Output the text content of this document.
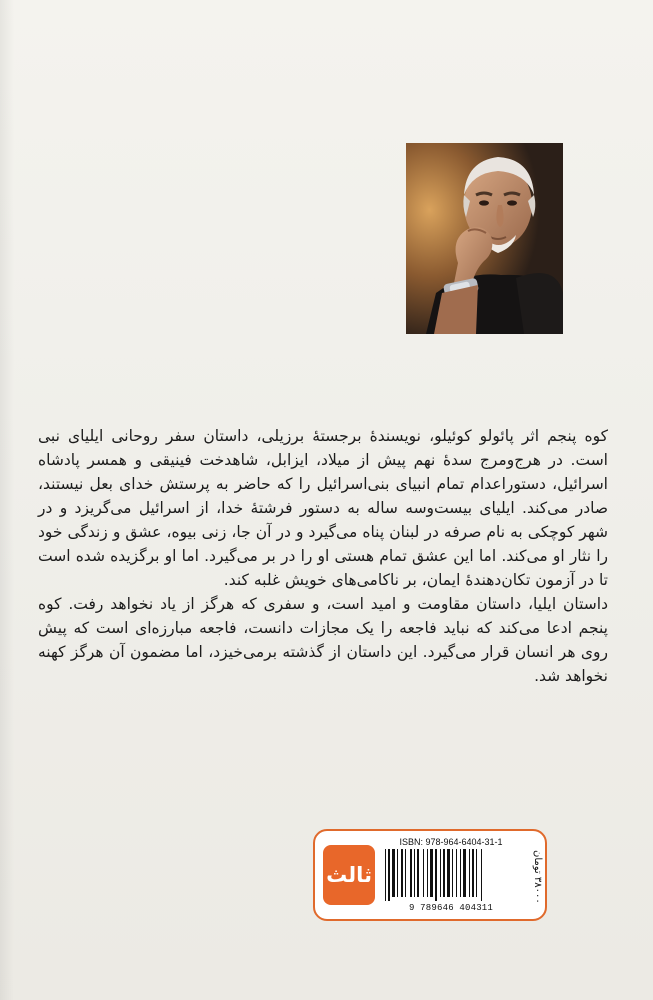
کوه پنجم اثر پائولو کوئیلو، نویسندهٔ برجستهٔ برزیلی، داستان سفر روحانی ایلیای نبی است. در هرج‌ومرج سدهٔ نهم پیش از میلاد، ایزابل، شاهدخت فینیقی و همسر پادشاه اسرائیل، دستوراعدام تمام انبیای بنی‌اسرائیل را که حاضر به پرستش خدای بعل نیستند، صادر می‌کند. ایلیای بیست‌وسه ساله به دستور فرشتهٔ خدا، از اسرائیل می‌گریزد و در شهر کوچکی به نام صرفه در لبنان پناه می‌گیرد و در آن جا، زنی بیوه، عشق و زندگی خود را نثار او می‌کند. اما این عشق تمام هستی او را در بر می‌گیرد. اما او برگزیده شده است تا در آزمون تکان‌دهندهٔ ایمان، بر ناکامی‌های خویش غلبه کند.

داستان ایلیا، داستان مقاومت و امید است، و سفری که هرگز از یاد نخواهد رفت. کوه پنجم ادعا می‌کند که نباید فاجعه را یک مجازات دانست، فاجعه مبارزه‌ای است که پیش روی هر انسان قرار می‌گیرد. این داستان از گذشته برمی‌خیزد، اما مضمون آن هرگز کهنه نخواهد شد.

ثالث
ISBN: 978-964-6404-31-1
9 789646 404311
۳۸۰۰۰ تومان
